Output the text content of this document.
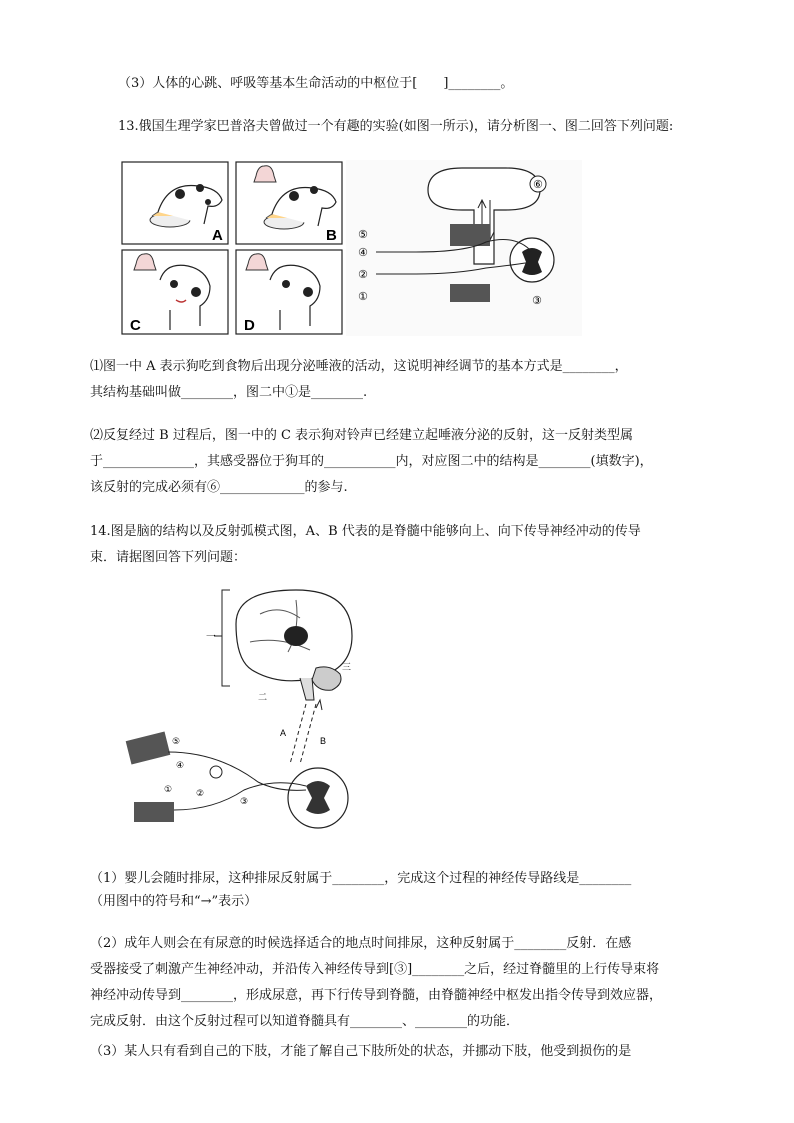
（3）人体的心跳、呼吸等基本生命活动的中枢位于[　　]________。
13.俄国生理学家巴普洛夫曾做过一个有趣的实验(如图一所示)，请分析图一、图二回答下列问题:
A	B
C	D
⑥
⑤
④
②
①	③
⑴图一中 A 表示狗吃到食物后出现分泌唾液的活动，这说明神经调节的基本方式是________，
其结构基础叫做________，图二中①是________.
⑵反复经过 B 过程后，图一中的 C 表示狗对铃声已经建立起唾液分泌的反射，这一反射类型属
于______________，其感受器位于狗耳的___________内，对应图二中的结构是________(填数字)，
该反射的完成必须有⑥_____________的参与.
14.图是脑的结构以及反射弧模式图，A、B 代表的是脊髓中能够向上、向下传导神经冲动的传导
束．请据图回答下列问题：
一
三
二
A
B
⑤
④
①	②
③
（1）婴儿会随时排尿，这种排尿反射属于________，完成这个过程的神经传导路线是________
（用图中的符号和“→”表示）
（2）成年人则会在有尿意的时候选择适合的地点时间排尿，这种反射属于________反射．在感
受器接受了刺激产生神经冲动，并沿传入神经传导到[③]________之后，经过脊髓里的上行传导束将
神经冲动传导到________，形成尿意，再下行传导到脊髓，由脊髓神经中枢发出指令传导到效应器，
完成反射．由这个反射过程可以知道脊髓具有________、________的功能．
（3）某人只有看到自己的下肢，才能了解自己下肢所处的状态，并挪动下肢，他受到损伤的是
